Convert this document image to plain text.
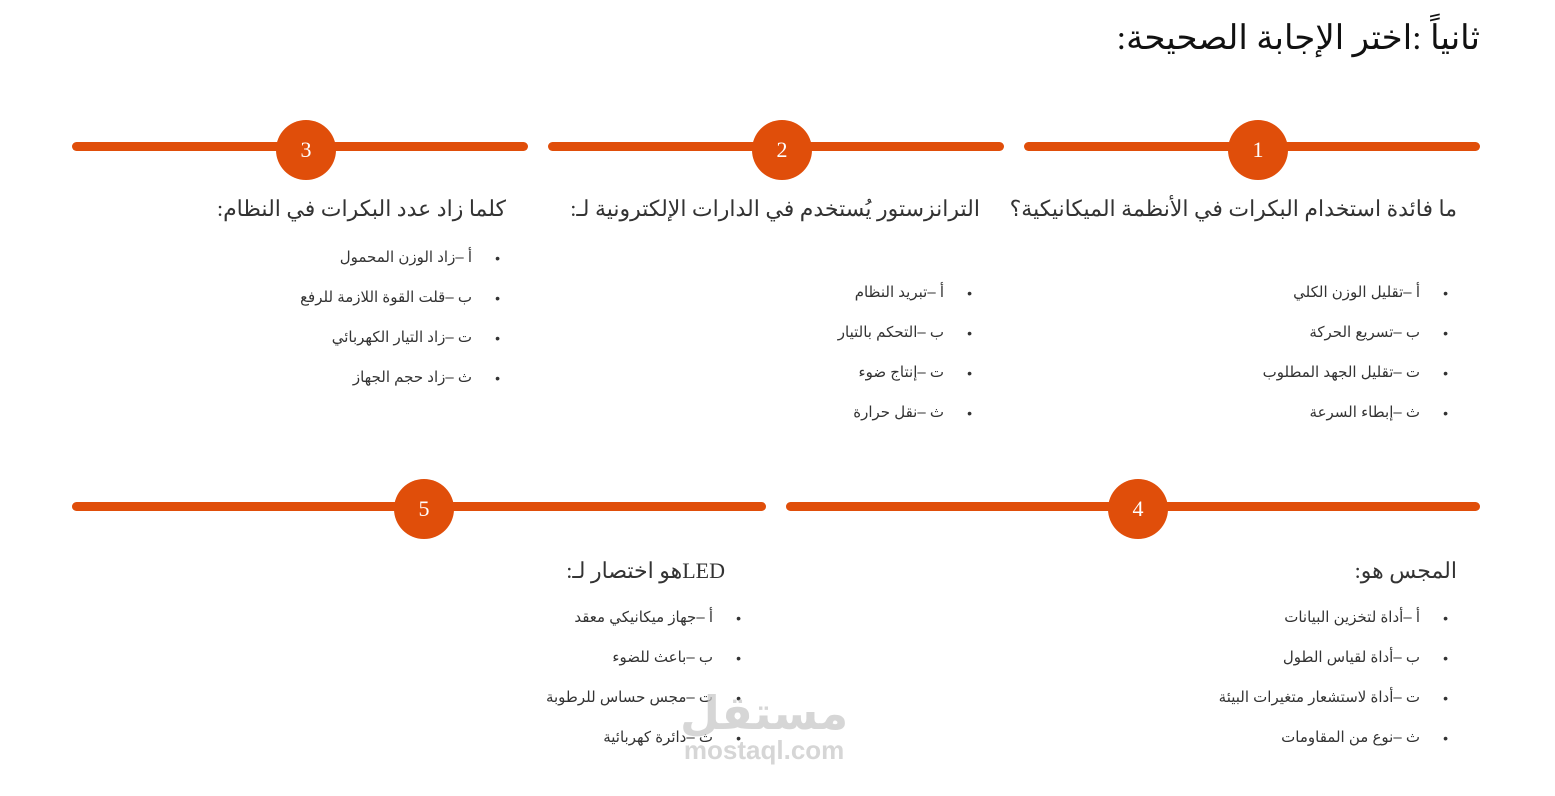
ثانياً :اختر الإجابة الصحيحة:
1
ما فائدة استخدام البكرات في الأنظمة الميكانيكية؟
• أ –تقليل الوزن الكلي
• ب –تسريع الحركة
• ت –تقليل الجهد المطلوب
• ث –إبطاء السرعة
2
الترانزستور يُستخدم في الدارات الإلكترونية لـ:
• أ –تبريد النظام
• ب –التحكم بالتيار
• ت –إنتاج ضوء
• ث –نقل حرارة
3
كلما زاد عدد البكرات في النظام:
• أ –زاد الوزن المحمول
• ب –قلت القوة اللازمة للرفع
• ت –زاد التيار الكهربائي
• ث –زاد حجم الجهاز
4
المجس هو:
• أ –أداة لتخزين البيانات
• ب –أداة لقياس الطول
• ت –أداة لاستشعار متغيرات البيئة
• ث –نوع من المقاومات
5
LEDهو اختصار لـ:
• أ –جهاز ميكانيكي معقد
• ب –باعث للضوء
• ت –مجس حساس للرطوبة
• ث –دائرة كهربائية
مستقل
mostaql.com
